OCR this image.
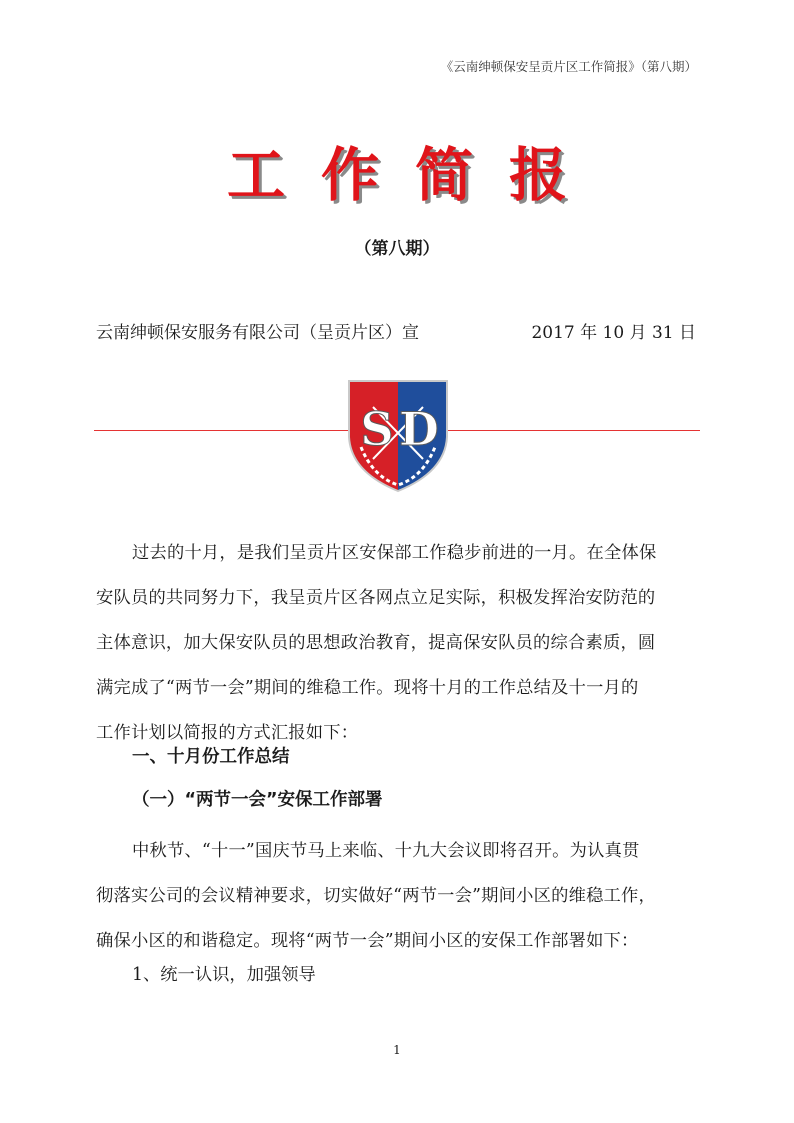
《云南绅顿保安呈贡片区工作简报》（第八期）
工作简报
（第八期）
云南绅顿保安服务有限公司（呈贡片区）宣	2017 年 10 月 31 日
S D
过去的十月，是我们呈贡片区安保部工作稳步前进的一月。在全体保
安队员的共同努力下，我呈贡片区各网点立足实际，积极发挥治安防范的
主体意识，加大保安队员的思想政治教育，提高保安队员的综合素质，圆
满完成了“两节一会”期间的维稳工作。现将十月的工作总结及十一月的
工作计划以简报的方式汇报如下：
一、十月份工作总结
（一）“两节一会”安保工作部署
中秋节、“十一”国庆节马上来临、十九大会议即将召开。为认真贯
彻落实公司的会议精神要求，切实做好“两节一会”期间小区的维稳工作，
确保小区的和谐稳定。现将“两节一会”期间小区的安保工作部署如下：
1、统一认识，加强领导
1
